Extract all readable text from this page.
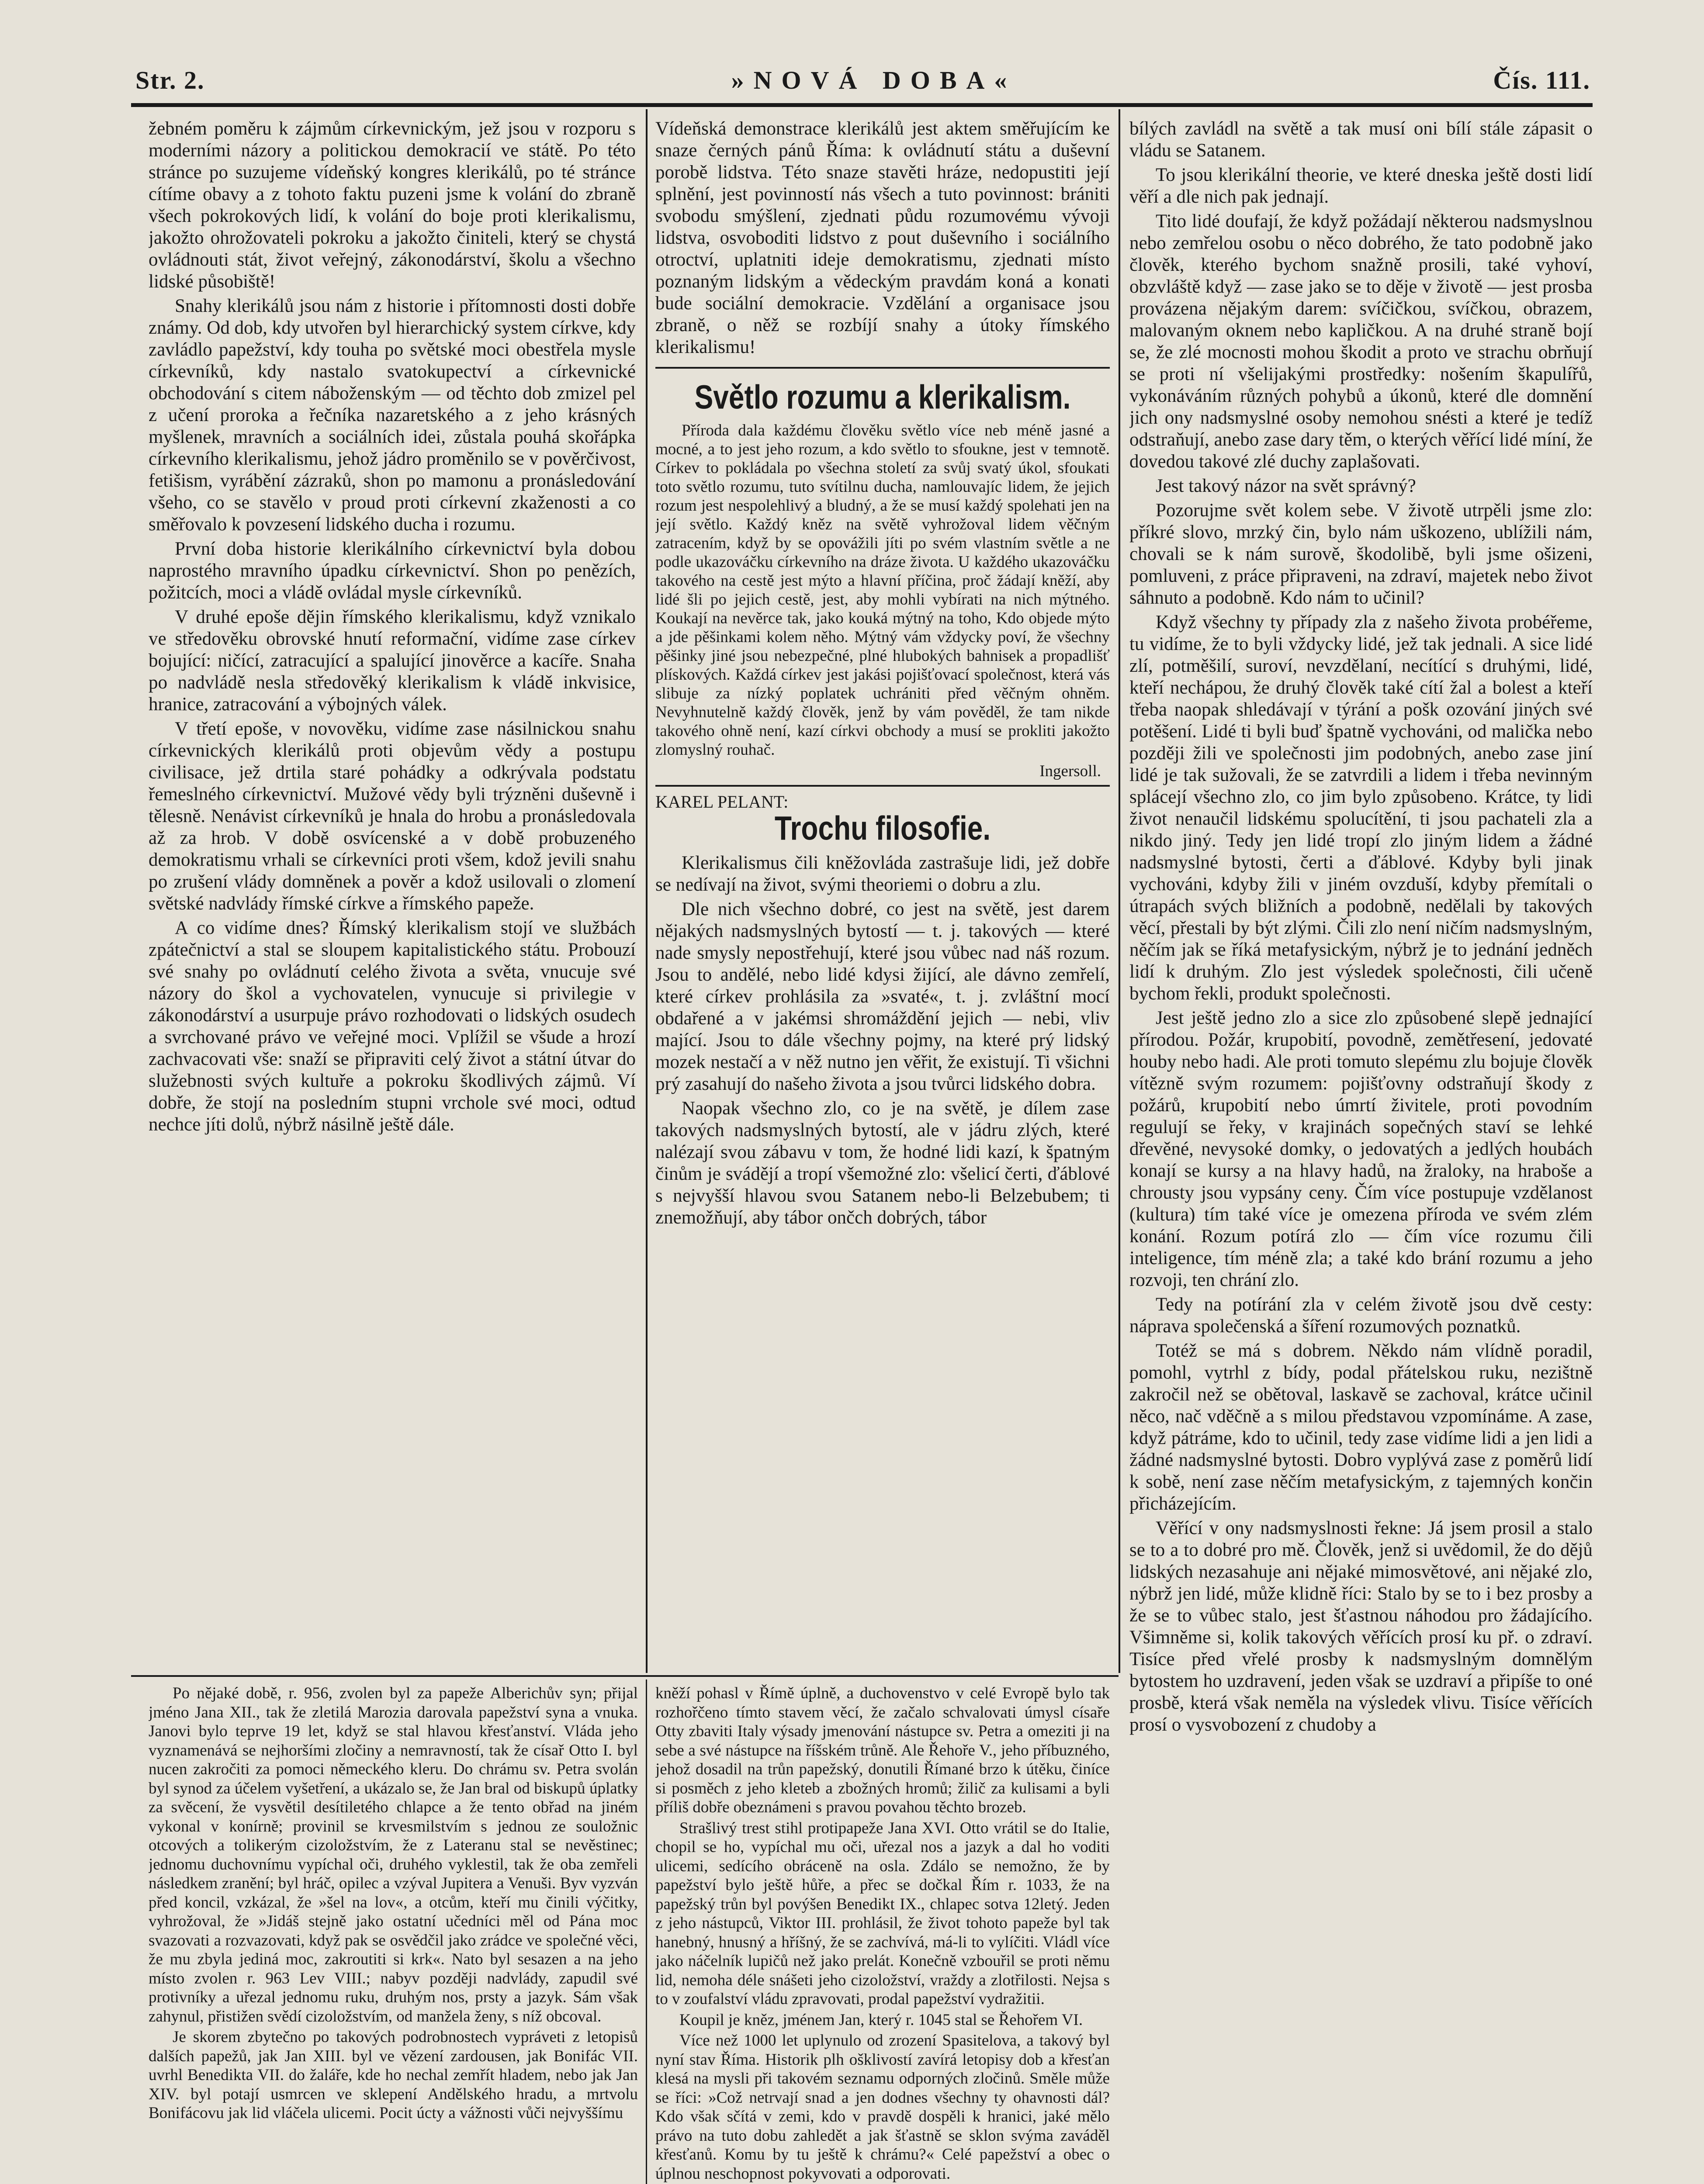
Str. 2.	»NOVÁ DOBA«	Čís. 111.

žebném poměru k zájmům církevnickým, jež jsou v rozporu s moderními názory a politickou demokracií ve státě. Po této stránce po suzujeme vídeňský kongres klerikálů, po té stránce cítíme obavy a z tohoto faktu puzeni jsme k volání do zbraně všech pokrokových lidí, k volání do boje proti klerikalismu, jakožto ohrožovateli pokroku a jakožto činiteli, který se chystá ovládnouti stát, život veřejný, zákonodárství, školu a všechno lidské působiště!

Snahy klerikálů jsou nám z historie i přítomnosti dosti dobře známy. Od dob, kdy utvořen byl hierarchický system církve, kdy zavládlo papežství, kdy touha po světské moci obestřela mysle církevníků, kdy nastalo svatokupectví a církevnické obchodování s citem náboženským — od těchto dob zmizel pel z učení proroka a řečníka nazaretského a z jeho krásných myšlenek, mravních a sociálních idei, zůstala pouhá skořápka církevního klerikalismu, jehož jádro proměnilo se v pověrčivost, fetišism, vyrábění zázraků, shon po mamonu a pronásledování všeho, co se stavělo v proud proti církevní zkaženosti a co směřovalo k povzesení lidského ducha i rozumu.

První doba historie klerikálního církevnictví byla dobou naprostého mravního úpadku církevnictví. Shon po penězích, požitcích, moci a vládě ovládal mysle církevníků.

V druhé epoše dějin římského klerikalismu, když vznikalo ve středověku obrovské hnutí reformační, vidíme zase církev bojující: ničící, zatracující a spalující jinověrce a kacíře. Snaha po nadvládě nesla středověký klerikalism k vládě inkvisice, hranice, zatracování a výbojných válek.

V třetí epoše, v novověku, vidíme zase násilnickou snahu církevnických klerikálů proti objevům vědy a postupu civilisace, jež drtila staré pohádky a odkrývala podstatu řemeslného církevnictví. Mužové vědy byli trýzněni duševně i tělesně. Nenávist církevníků je hnala do hrobu a pronásledovala až za hrob. V době osvícenské a v době probuzeného demokratismu vrhali se církevníci proti všem, kdož jevili snahu po zrušení vlády domněnek a pověr a kdož usilovali o zlomení světské nadvlády římské církve a římského papeže.

A co vidíme dnes? Římský klerikalism stojí ve službách zpátečnictví a stal se sloupem kapitalistického státu. Probouzí své snahy po ovládnutí celého života a světa, vnucuje své názory do škol a vychovatelen, vynucuje si privilegie v zákonodárství a usurpuje právo rozhodovati o lidských osudech a svrchované právo ve veřejné moci. Vplížil se všude a hrozí zachvacovati vše: snaží se připraviti celý život a státní útvar do služebnosti svých kultuře a pokroku škodlivých zájmů. Ví dobře, že stojí na posledním stupni vrchole své moci, odtud nechce jíti dolů, nýbrž násilně ještě dále.

Vídeňská demonstrace klerikálů jest aktem směřujícím ke snaze černých pánů Říma: k ovládnutí státu a duševní porobě lidstva. Této snaze stavěti hráze, nedopustiti její splnění, jest povinností nás všech a tuto povinnost: brániti svobodu smýšlení, zjednati půdu rozumovému vývoji lidstva, osvoboditi lidstvo z pout duševního i sociálního otroctví, uplatniti ideje demokratismu, zjednati místo poznaným lidským a vědeckým pravdám koná a konati bude sociální demokracie. Vzdělání a organisace jsou zbraně, o něž se rozbíjí snahy a útoky římského klerikalismu!

Světlo rozumu a klerikalism.

Příroda dala každému člověku světlo více neb méně jasné a mocné, a to jest jeho rozum, a kdo světlo to sfoukne, jest v temnotě. Církev to pokládala po všechna století za svůj svatý úkol, sfoukati toto světlo rozumu, tuto svítilnu ducha, namlouvajíc lidem, že jejich rozum jest nespolehlivý a bludný, a že se musí každý spolehati jen na její světlo. Každý kněz na světě vyhrožoval lidem věčným zatracením, když by se opovážili jíti po svém vlastním světle a ne podle ukazováčku církevního na dráze života. U každého ukazováčku takového na cestě jest mýto a hlavní příčina, proč žádají kněží, aby lidé šli po jejich cestě, jest, aby mohli vybírati na nich mýtného. Koukají na nevěrce tak, jako kouká mýtný na toho, Kdo objede mýto a jde pěšinkami kolem něho. Mýtný vám vždycky poví, že všechny pěšinky jiné jsou nebezpečné, plné hlubokých bahnisek a propadlišť plískových. Každá církev jest jakási pojišťovací společnost, která vás slibuje za nízký poplatek uchrániti před věčným ohněm. Nevyhnutelně každý člověk, jenž by vám pověděl, že tam nikde takového ohně není, kazí církvi obchody a musí se prokliti jakožto zlomyslný rouhač.

Ingersoll.
KAREL PELANT:
Trochu filosofie.

Klerikalismus čili kněžovláda zastrašuje lidi, jež dobře se nedívají na život, svými theoriemi o dobru a zlu.

Dle nich všechno dobré, co jest na světě, jest darem nějakých nadsmyslných bytostí — t. j. takových — které nade smysly nepostřehují, které jsou vůbec nad náš rozum. Jsou to andělé, nebo lidé kdysi žijící, ale dávno zemřelí, které církev prohlásila za »svaté«, t. j. zvláštní mocí obdařené a v jakémsi shromáždění jejich — nebi, vliv mající. Jsou to dále všechny pojmy, na které prý lidský mozek nestačí a v něž nutno jen věřit, že existují. Ti všichni prý zasahují do našeho života a jsou tvůrci lidského dobra.

Naopak všechno zlo, co je na světě, je dílem zase takových nadsmyslných bytostí, ale v jádru zlých, které nalézají svou zábavu v tom, že hodné lidi kazí, k špatným činům je svádějí a tropí všemožné zlo: všelicí čerti, ďáblové s nejvyšší hlavou svou Satanem nebo-li Belzebubem; ti znemožňují, aby tábor ončch dobrých, tábor

bílých zavládl na světě a tak musí oni bílí stále zápasit o vládu se Satanem.

To jsou klerikální theorie, ve které dneska ještě dosti lidí věří a dle nich pak jednají.

Tito lidé doufají, že když požádají některou nadsmyslnou nebo zemřelou osobu o něco dobrého, že tato podobně jako člověk, kterého bychom snažně prosili, také vyhoví, obzvláště když — zase jako se to děje v životě — jest prosba provázena nějakým darem: svíčičkou, svíčkou, obrazem, malovaným oknem nebo kapličkou. A na druhé straně bojí se, že zlé mocnosti mohou škodit a proto ve strachu obrňují se proti ní všelijakými prostředky: nošením škapulířů, vykonáváním různých pohybů a úkonů, které dle domnění jich ony nadsmyslné osoby nemohou snésti a které je tedíž odstraňují, anebo zase dary těm, o kterých věřící lidé míní, že dovedou takové zlé duchy zaplašovati.

Jest takový názor na svět správný?

Pozorujme svět kolem sebe. V životě utrpěli jsme zlo: příkré slovo, mrzký čin, bylo nám uškozeno, ublížili nám, chovali se k nám surově, škodolibě, byli jsme ošizeni, pomluveni, z práce připraveni, na zdraví, majetek nebo život sáhnuto a podobně. Kdo nám to učinil?

Když všechny ty případy zla z našeho života probéřeme, tu vidíme, že to byli vždycky lidé, jež tak jednali. A sice lidé zlí, potměšilí, suroví, nevzdělaní, necítící s druhými, lidé, kteří nechápou, že druhý člověk také cítí žal a bolest a kteří třeba naopak shledávají v týrání a pošk ozování jiných své potěšení. Lidé ti byli buď špatně vychováni, od malička nebo později žili ve společnosti jim podobných, anebo zase jiní lidé je tak sužovali, že se zatvrdili a lidem i třeba nevinným splácejí všechno zlo, co jim bylo způsobeno. Krátce, ty lidi život nenaučil lidskému spolucítění, ti jsou pachateli zla a nikdo jiný. Tedy jen lidé tropí zlo jiným lidem a žádné nadsmyslné bytosti, čerti a ďáblové. Kdyby byli jinak vychováni, kdyby žili v jiném ovzduší, kdyby přemítali o útrapách svých bližních a podobně, nedělali by takových věcí, přestali by být zlými. Čili zlo není ničím nadsmyslným, něčím jak se říká metafysickým, nýbrž je to jednání jedněch lidí k druhým. Zlo jest výsledek společnosti, čili učeně bychom řekli, produkt společnosti.

Jest ještě jedno zlo a sice zlo způsobené slepě jednající přírodou. Požár, krupobití, povodně, zemětřesení, jedovaté houby nebo hadi. Ale proti tomuto slepému zlu bojuje člověk vítězně svým rozumem: pojišťovny odstraňují škody z požárů, krupobití nebo úmrtí živitele, proti povodním regulují se řeky, v krajinách sopečných staví se lehké dřevěné, nevysoké domky, o jedovatých a jedlých houbách konají se kursy a na hlavy hadů, na žraloky, na hraboše a chrousty jsou vypsány ceny. Čím více postupuje vzdělanost (kultura) tím také více je omezena příroda ve svém zlém konání. Rozum potírá zlo — čím více rozumu čili inteligence, tím méně zla; a také kdo brání rozumu a jeho rozvoji, ten chrání zlo.

Tedy na potírání zla v celém životě jsou dvě cesty: náprava společenská a šíření rozumových poznatků.

Totéž se má s dobrem. Někdo nám vlídně poradil, pomohl, vytrhl z bídy, podal přátelskou ruku, nezištně zakročil než se obětoval, laskavě se zachoval, krátce učinil něco, nač vděčně a s milou představou vzpomínáme. A zase, když pátráme, kdo to učinil, tedy zase vidíme lidi a jen lidi a žádné nadsmyslné bytosti. Dobro vyplývá zase z poměrů lidí k sobě, není zase něčím metafysickým, z tajemných končin přicházejícím.

Věřící v ony nadsmyslnosti řekne: Já jsem prosil a stalo se to a to dobré pro mě. Člověk, jenž si uvědomil, že do dějů lidských nezasahuje ani nějaké mimosvětové, ani nějaké zlo, nýbrž jen lidé, může klidně říci: Stalo by se to i bez prosby a že se to vůbec stalo, jest šťastnou náhodou pro žádajícího. Všimněme si, kolik takových věřících prosí ku př. o zdraví. Tisíce před vřelé prosby k nadsmyslným domnělým bytostem ho uzdravení, jeden však se uzdraví a připíše to oné prosbě, která však neměla na výsledek vlivu. Tisíce věřících prosí o vysvobození z chudoby a

Po nějaké době, r. 956, zvolen byl za papeže Alberichův syn; přijal jméno Jana XII., tak že zletilá Marozia darovala papežství syna a vnuka. Janovi bylo teprve 19 let, když se stal hlavou křesťanství. Vláda jeho vyznamenává se nejhoršími zločiny a nemravností, tak že císař Otto I. byl nucen zakročiti za pomoci německého kleru. Do chrámu sv. Petra svolán byl synod za účelem vyšetření, a ukázalo se, že Jan bral od biskupů úplatky za svěcení, že vysvětil desítiletého chlapce a že tento obřad na jiném vykonal v konírně; provinil se krvesmilstvím s jednou ze souložnic otcových a tolikerým cizoložstvím, že z Lateranu stal se nevěstinec; jednomu duchovnímu vypíchal oči, druhého vyklestil, tak že oba zemřeli následkem zranění; byl hráč, opilec a vzýval Jupitera a Venuši. Byv vyzván před koncil, vzkázal, že »šel na lov«, a otcům, kteří mu činili výčitky, vyhrožoval, že »Jidáš stejně jako ostatní učedníci měl od Pána moc svazovati a rozvazovati, když pak se osvědčil jako zrádce ve společné věci, že mu zbyla jediná moc, zakroutiti si krk«. Nato byl sesazen a na jeho místo zvolen r. 963 Lev VIII.; nabyv později nadvlády, zapudil své protivníky a uřezal jednomu ruku, druhým nos, prsty a jazyk. Sám však zahynul, přistižen svědí cizoložstvím, od manžela ženy, s níž obcoval.

Je skorem zbytečno po takových podrobnostech vypráveti z letopisů dalších papežů, jak Jan XIII. byl ve vězení zardousen, jak Bonifác VII. uvrhl Benedikta VII. do žaláře, kde ho nechal zemřít hladem, nebo jak Jan XIV. byl potají usmrcen ve sklepení Andělského hradu, a mrtvolu Bonifácovu jak lid vláčela ulicemi. Pocit úcty a vážnosti vůči nejvyššímu

kněží pohasl v Římě úplně, a duchovenstvo v celé Evropě bylo tak rozhořčeno tímto stavem věcí, že začalo schvalovati úmysl císaře Otty zbaviti Italy výsady jmenování nástupce sv. Petra a omeziti ji na sebe a své nástupce na říšském trůně. Ale Řehoře V., jeho příbuzného, jehož dosadil na trůn papežský, donutili Římané brzo k útěku, činíce si posměch z jeho kleteb a zbožných hromů; žilič za kulisami a byli příliš dobře obeznámeni s pravou povahou těchto brozeb.

Strašlivý trest stihl protipapeže Jana XVI. Otto vrátil se do Italie, chopil se ho, vypíchal mu oči, uřezal nos a jazyk a dal ho voditi ulicemi, sedícího obráceně na osla. Zdálo se nemožno, že by papežství bylo ještě hůře, a přec se dočkal Řím r. 1033, že na papežský trůn byl povýšen Benedikt IX., chlapec sotva 12letý. Jeden z jeho nástupců, Viktor III. prohlásil, že život tohoto papeže byl tak hanebný, hnusný a hříšný, že se zachvívá, má-li to vylíčiti. Vládl více jako náčelník lupičů než jako prelát. Konečně vzbouřil se proti němu lid, nemoha déle snášeti jeho cizoložství, vraždy a zlotřilosti. Nejsa s to v zoufalství vládu zpravovati, prodal papežství vydražitii.

Koupil je kněz, jménem Jan, který r. 1045 stal se Řehořem VI.

Více než 1000 let uplynulo od zrození Spasitelova, a takový byl nyní stav Říma. Historik plh ošklivostí zavírá letopisy dob a křesťan klesá na mysli při takovém seznamu odporných zločinů. Směle může se říci: »Což netrvají snad a jen dodnes všechny ty ohavnosti dál? Kdo však sčítá v zemi, kdo v pravdě dospěli k hranici, jaké mělo právo na tuto dobu zahledět a jak šťastně se sklon svýma zaváděl křesťanů. Komu by tu ještě k chrámu?« Celé papežství a obec o úplnou neschopnost pokyvovati a odporovati.
